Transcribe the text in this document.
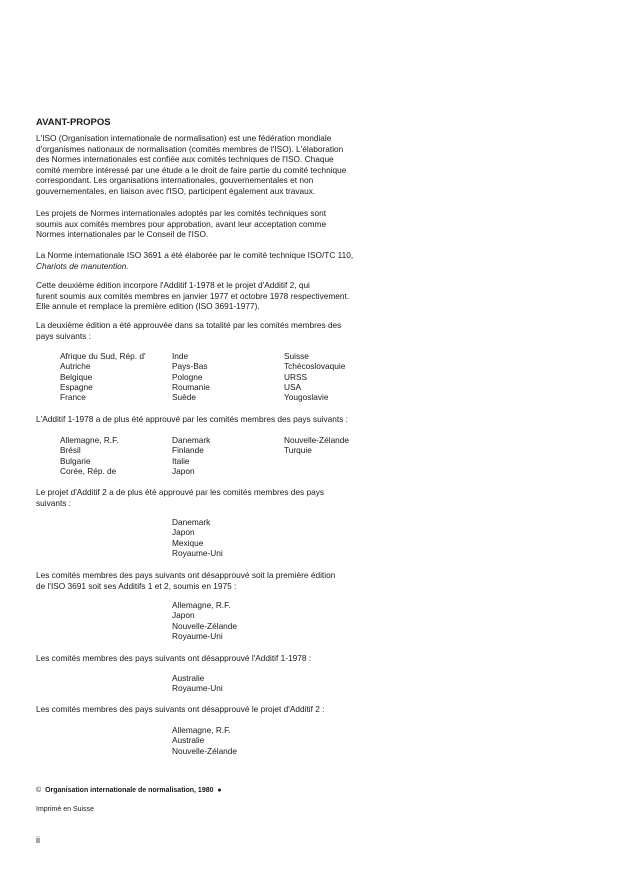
AVANT-PROPOS
L'ISO (Organisation internationale de normalisation) est une fédération mondiale
d'organismes nationaux de normalisation (comités membres de l'ISO). L'élaboration
des Normes internationales est confiée aux comités techniques de l'ISO. Chaque
comité membre intéressé par une étude a le droit de faire partie du comité technique
correspondant. Les organisations internationales, gouvernementales et non
gouvernementales, en liaison avec l'ISO, participent également aux travaux.
Les projets de Normes internationales adoptés par les comités techniques sont
soumis aux comités membres pour approbation, avant leur acceptation comme
Normes internationales par le Conseil de l'ISO.
La Norme internationale ISO 3691 a été élaborée par le comité technique ISO/TC 110,
Chariots de manutention.
Cette deuxième édition incorpore l'Additif 1-1978 et le projet d'Additif 2, qui
furent soumis aux comités membres en janvier 1977 et octobre 1978 respectivement.
Elle annule et remplace la première edition (ISO 3691-1977).
La deuxième édition a été approuvée dans sa totalité par les comités membres des
pays suivants :
Afrique du Sud, Rép. d'
Autriche
Belgique
Espagne
France
Inde
Pays-Bas
Pologne
Roumanie
Suède
Suisse
Tchécoslovaquie
URSS
USA
Yougoslavie
L'Additif 1-1978 a de plus été approuvé par les comités membres des pays suivants :
Allemagne, R.F.
Brésil
Bulgarie
Corée, Rép. de
Danemark
Finlande
Italie
Japon
Nouvelle-Zélande
Turquie
Le projet d'Additif 2 a de plus été approuvé par les comités membres des pays
suivants :
Danemark
Japon
Mexique
Royaume-Uni
Les comités membres des pays suivants ont désapprouvé soit la première édition
de l'ISO 3691 soit ses Additifs 1 et 2, soumis en 1975 :
Allemagne, R.F.
Japon
Nouvelle-Zélande
Royaume-Uni
Les comités membres des pays suivants ont désapprouvé l'Additif 1-1978 :
Australie
Royaume-Uni
Les comités membres des pays suivants ont désapprouvé le projet d'Additif 2 :
Allemagne, R.F.
Australie
Nouvelle-Zélande
© Organisation internationale de normalisation, 1980 ●
Imprimé en Suisse
ii
